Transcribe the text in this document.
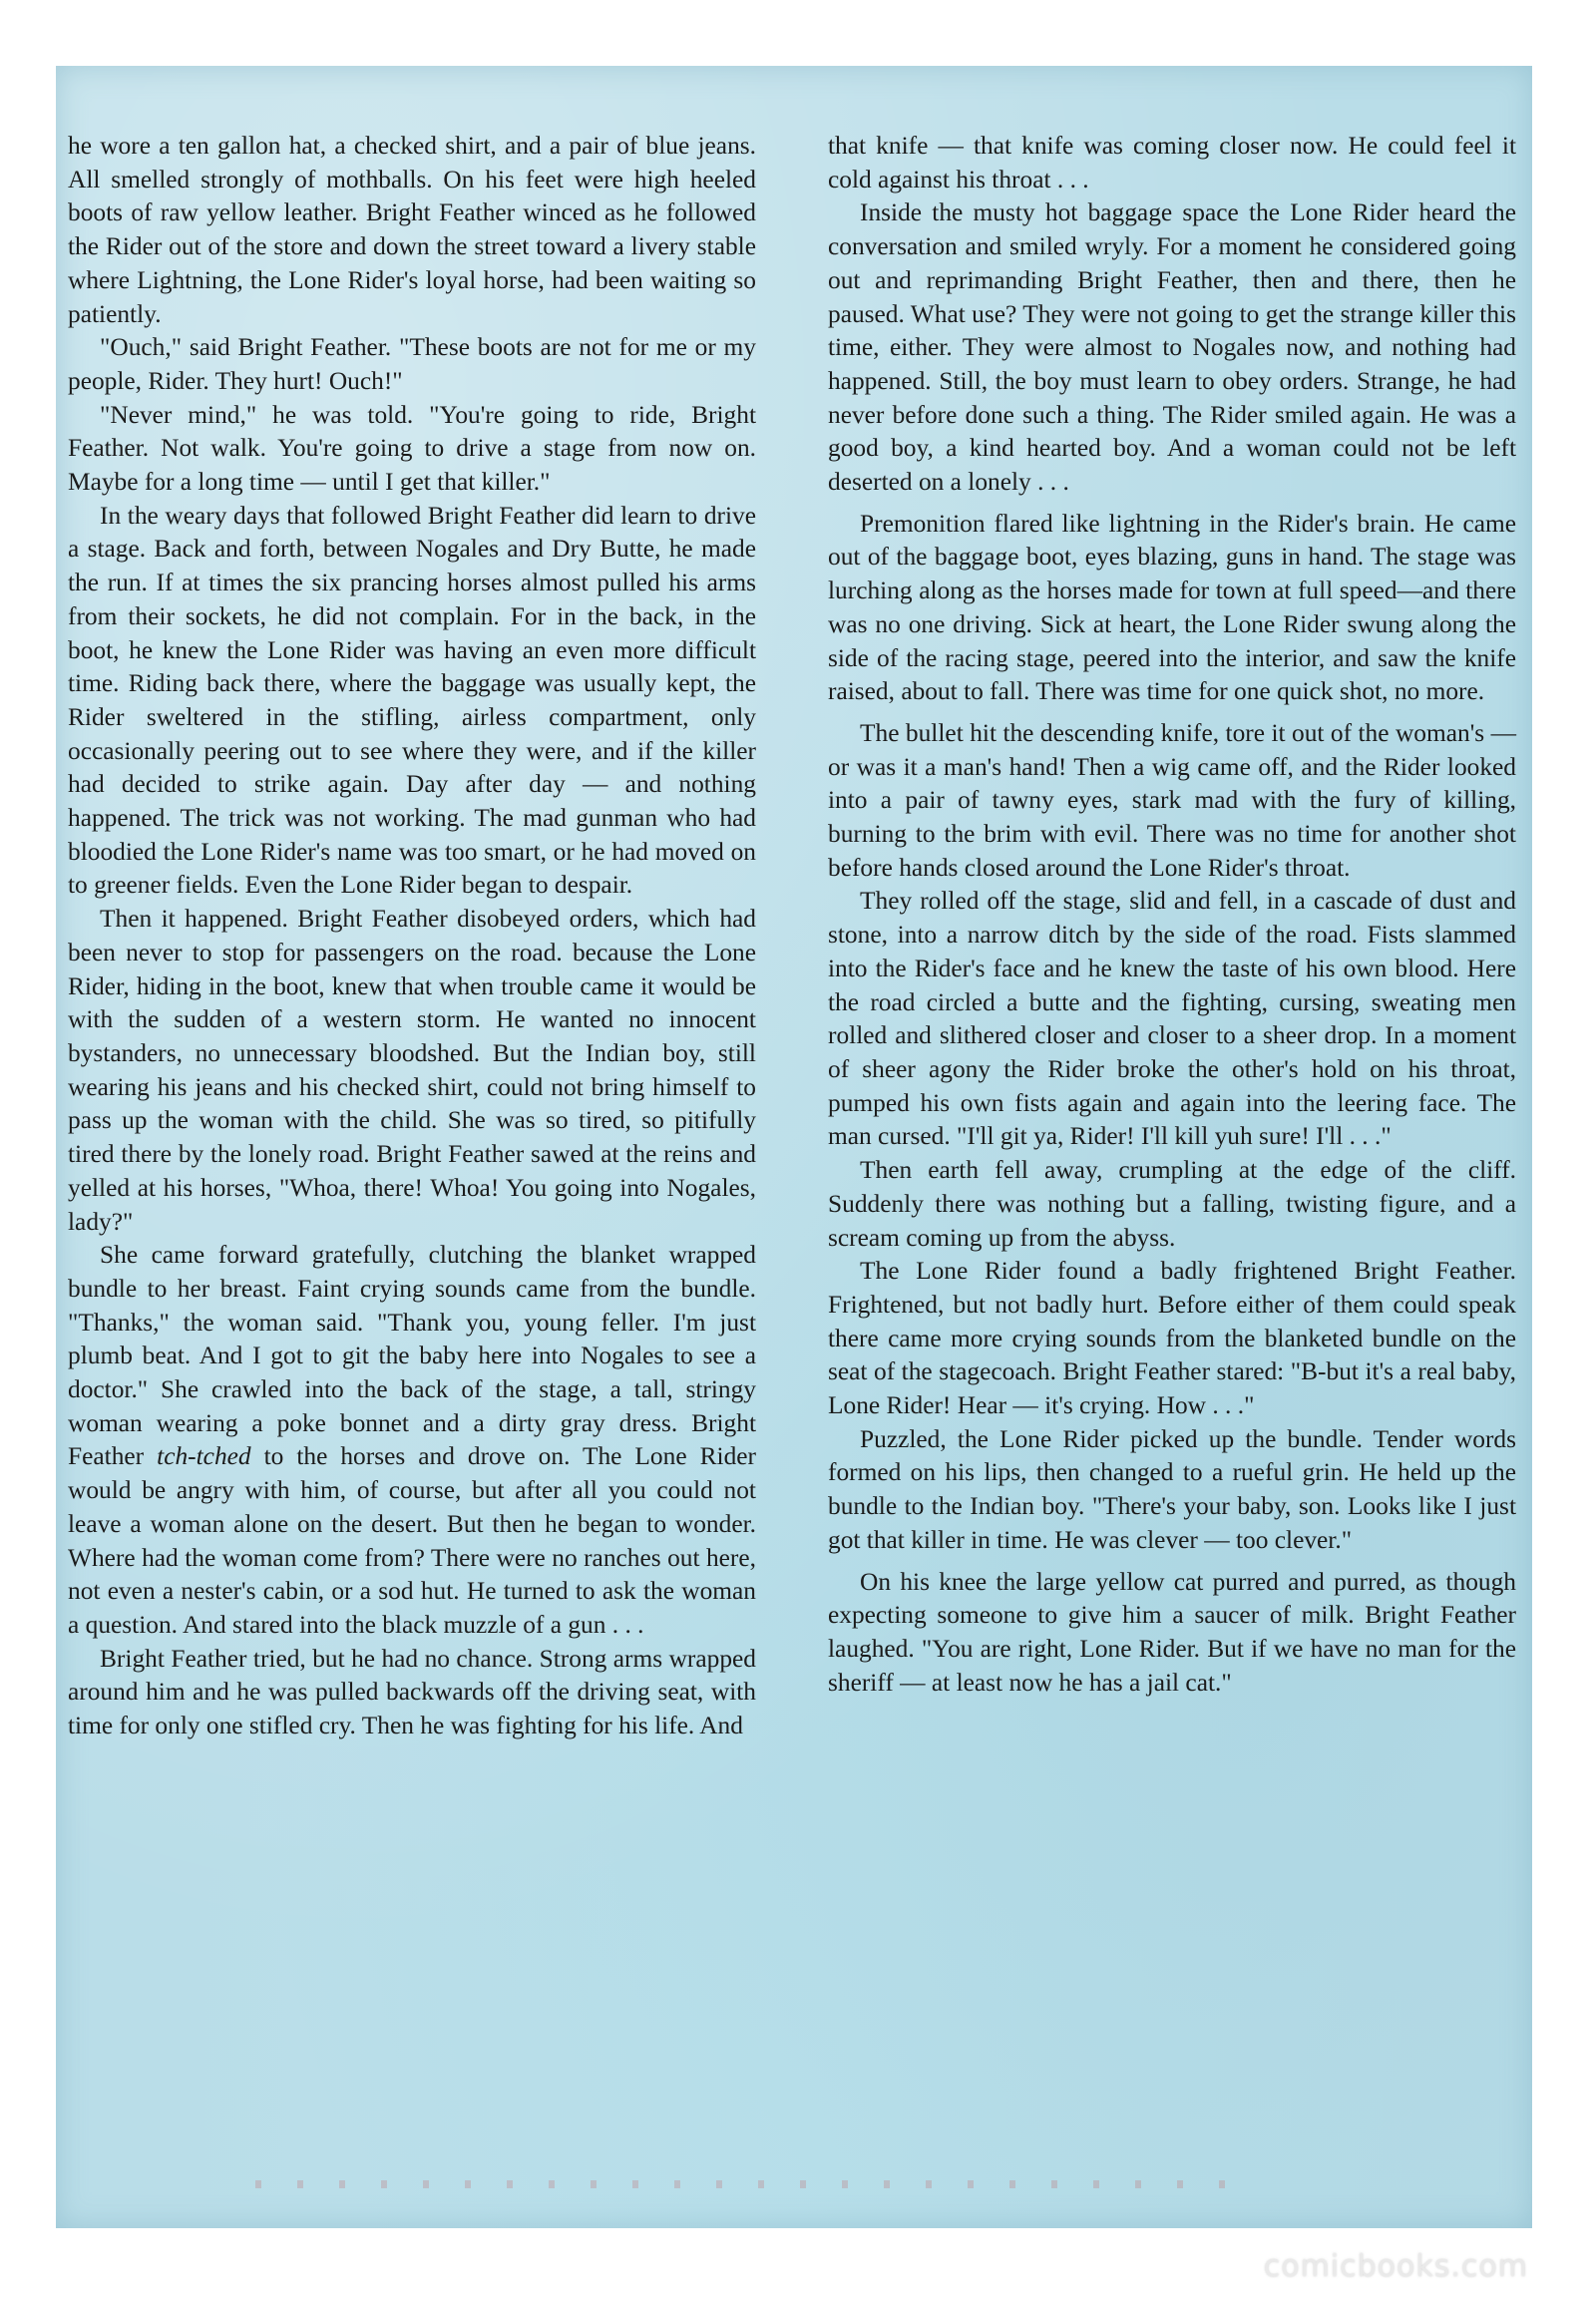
he wore a ten gallon hat, a checked shirt, and a pair of blue jeans. All smelled strongly of mothballs. On his feet were high heeled boots of raw yellow leather. Bright Feather winced as he followed the Rider out of the store and down the street toward a livery stable where Lightning, the Lone Rider's loyal horse, had been waiting so patiently.

"Ouch," said Bright Feather. "These boots are not for me or my people, Rider. They hurt! Ouch!"

"Never mind," he was told. "You're going to ride, Bright Feather. Not walk. You're going to drive a stage from now on. Maybe for a long time — until I get that killer."

In the weary days that followed Bright Feather did learn to drive a stage. Back and forth, between Nogales and Dry Butte, he made the run. If at times the six prancing horses almost pulled his arms from their sockets, he did not complain. For in the back, in the boot, he knew the Lone Rider was having an even more difficult time. Riding back there, where the baggage was usually kept, the Rider sweltered in the stifling, airless compartment, only occasionally peering out to see where they were, and if the killer had decided to strike again. Day after day — and nothing happened. The trick was not working. The mad gunman who had bloodied the Lone Rider's name was too smart, or he had moved on to greener fields. Even the Lone Rider began to despair.

Then it happened. Bright Feather disobeyed orders, which had been never to stop for passengers on the road. because the Lone Rider, hiding in the boot, knew that when trouble came it would be with the sudden of a western storm. He wanted no innocent bystanders, no unnecessary bloodshed. But the Indian boy, still wearing his jeans and his checked shirt, could not bring himself to pass up the woman with the child. She was so tired, so pitifully tired there by the lonely road. Bright Feather sawed at the reins and yelled at his horses, "Whoa, there! Whoa! You going into Nogales, lady?"

She came forward gratefully, clutching the blanket wrapped bundle to her breast. Faint crying sounds came from the bundle. "Thanks," the woman said. "Thank you, young feller. I'm just plumb beat. And I got to git the baby here into Nogales to see a doctor." She crawled into the back of the stage, a tall, stringy woman wearing a poke bonnet and a dirty gray dress. Bright Feather tch-tched to the horses and drove on. The Lone Rider would be angry with him, of course, but after all you could not leave a woman alone on the desert. But then he began to wonder. Where had the woman come from? There were no ranches out here, not even a nester's cabin, or a sod hut. He turned to ask the woman a question. And stared into the black muzzle of a gun . . .

Bright Feather tried, but he had no chance. Strong arms wrapped around him and he was pulled backwards off the driving seat, with time for only one stifled cry. Then he was fighting for his life. And

that knife — that knife was coming closer now. He could feel it cold against his throat . . .

Inside the musty hot baggage space the Lone Rider heard the conversation and smiled wryly. For a moment he considered going out and reprimanding Bright Feather, then and there, then he paused. What use? They were not going to get the strange killer this time, either. They were almost to Nogales now, and nothing had happened. Still, the boy must learn to obey orders. Strange, he had never before done such a thing. The Rider smiled again. He was a good boy, a kind hearted boy. And a woman could not be left deserted on a lonely . . .

Premonition flared like lightning in the Rider's brain. He came out of the baggage boot, eyes blazing, guns in hand. The stage was lurching along as the horses made for town at full speed—and there was no one driving. Sick at heart, the Lone Rider swung along the side of the racing stage, peered into the interior, and saw the knife raised, about to fall. There was time for one quick shot, no more.

The bullet hit the descending knife, tore it out of the woman's — or was it a man's hand! Then a wig came off, and the Rider looked into a pair of tawny eyes, stark mad with the fury of killing, burning to the brim with evil. There was no time for another shot before hands closed around the Lone Rider's throat.

They rolled off the stage, slid and fell, in a cascade of dust and stone, into a narrow ditch by the side of the road. Fists slammed into the Rider's face and he knew the taste of his own blood. Here the road circled a butte and the fighting, cursing, sweating men rolled and slithered closer and closer to a sheer drop. In a moment of sheer agony the Rider broke the other's hold on his throat, pumped his own fists again and again into the leering face. The man cursed. "I'll git ya, Rider! I'll kill yuh sure! I'll . . ."

Then earth fell away, crumpling at the edge of the cliff. Suddenly there was nothing but a falling, twisting figure, and a scream coming up from the abyss.

The Lone Rider found a badly frightened Bright Feather. Frightened, but not badly hurt. Before either of them could speak there came more crying sounds from the blanketed bundle on the seat of the stagecoach. Bright Feather stared: "B-but it's a real baby, Lone Rider! Hear — it's crying. How . . ."

Puzzled, the Lone Rider picked up the bundle. Tender words formed on his lips, then changed to a rueful grin. He held up the bundle to the Indian boy. "There's your baby, son. Looks like I just got that killer in time. He was clever — too clever."

On his knee the large yellow cat purred and purred, as though expecting someone to give him a saucer of milk. Bright Feather laughed. "You are right, Lone Rider. But if we have no man for the sheriff — at least now he has a jail cat."

comicbooks.com
